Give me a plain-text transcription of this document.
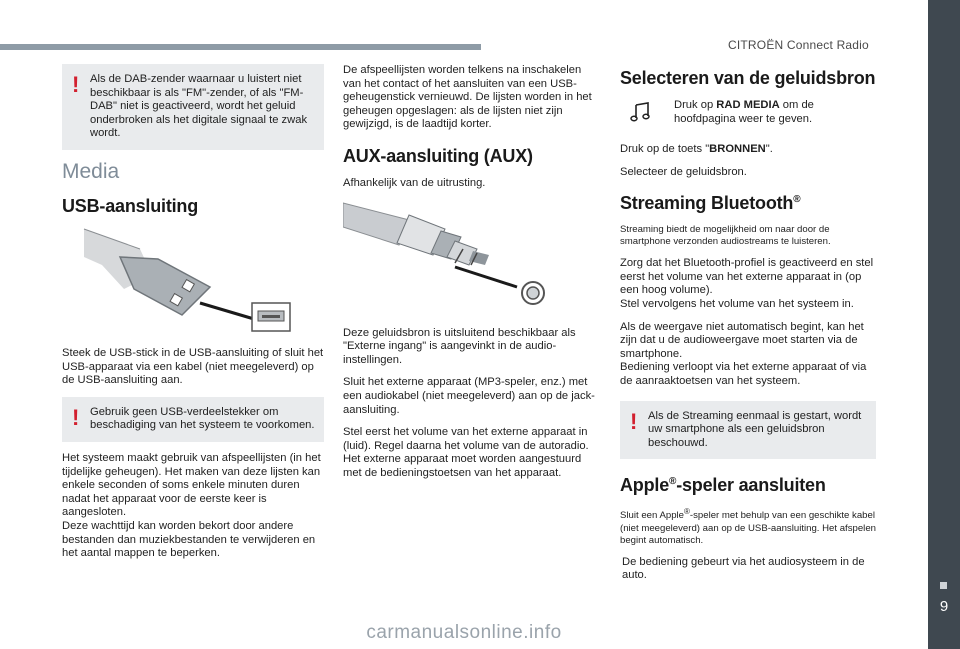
CITROËN Connect Radio
9
! Als de DAB-zender waarnaar u luistert niet beschikbaar is als "FM"-zender, of als "FM-DAB" niet is geactiveerd, wordt het geluid onderbroken als het digitale signaal te zwak wordt.
Media
USB-aansluiting
Steek de USB-stick in de USB-aansluiting of sluit het USB-apparaat via een kabel (niet meegeleverd) op de USB-aansluiting aan.
! Gebruik geen USB-verdeelstekker om beschadiging van het systeem te voorkomen.
Het systeem maakt gebruik van afspeellijsten (in het tijdelijke geheugen). Het maken van deze lijsten kan enkele seconden of soms enkele minuten duren nadat het apparaat voor de eerste keer is aangesloten.
Deze wachttijd kan worden bekort door andere bestanden dan muziekbestanden te verwijderen en het aantal mappen te beperken.
De afspeellijsten worden telkens na inschakelen van het contact of het aansluiten van een USB-geheugenstick vernieuwd. De lijsten worden in het geheugen opgeslagen: als de lijsten niet zijn gewijzigd, is de laadtijd korter.
AUX-aansluiting (AUX)
Afhankelijk van de uitrusting.
Deze geluidsbron is uitsluitend beschikbaar als "Externe ingang" is aangevinkt in de audio-instellingen.
Sluit het externe apparaat (MP3-speler, enz.) met een audiokabel (niet meegeleverd) aan op de jack-aansluiting.
Stel eerst het volume van het externe apparaat in (luid). Regel daarna het volume van de autoradio.
Het externe apparaat moet worden aangestuurd met de bedieningstoetsen van het apparaat.
Selecteren van de geluidsbron
Druk op RAD MEDIA om de hoofdpagina weer te geven.
Druk op de toets "BRONNEN".
Selecteer de geluidsbron.
Streaming Bluetooth®
Streaming biedt de mogelijkheid om naar door de smartphone verzonden audiostreams te luisteren.
Zorg dat het Bluetooth-profiel is geactiveerd en stel eerst het volume van het externe apparaat in (op een hoog volume).
Stel vervolgens het volume van het systeem in.
Als de weergave niet automatisch begint, kan het zijn dat u de audioweergave moet starten via de smartphone.
Bediening verloopt via het externe apparaat of via de aanraaktoetsen van het systeem.
! Als de Streaming eenmaal is gestart, wordt uw smartphone als een geluidsbron beschouwd.
Apple®-speler aansluiten
Sluit een Apple®-speler met behulp van een geschikte kabel (niet meegeleverd) aan op de USB-aansluiting. Het afspelen begint automatisch.
De bediening gebeurt via het audiosysteem in de auto.
carmanualsonline.info
